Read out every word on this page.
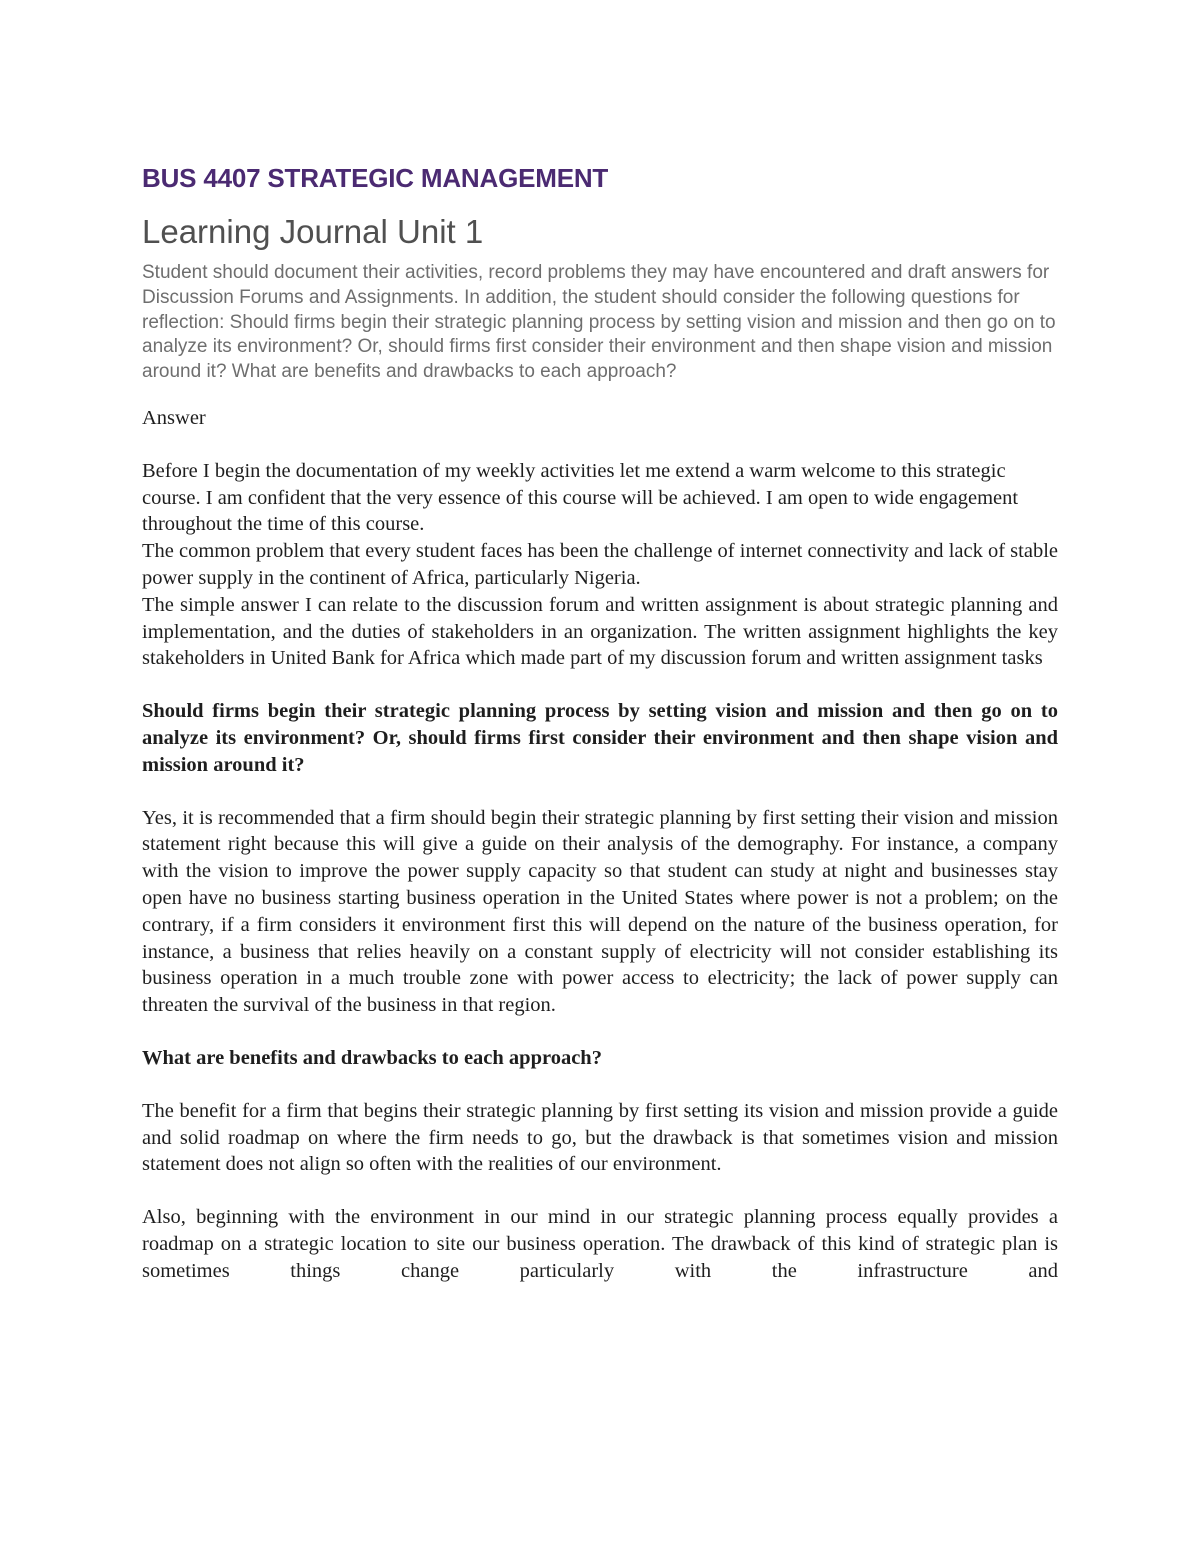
BUS 4407 STRATEGIC MANAGEMENT
Learning Journal Unit 1

Student should document their activities, record problems they may have encountered and draft answers for Discussion Forums and Assignments. In addition, the student should consider the following questions for reflection: Should firms begin their strategic planning process by setting vision and mission and then go on to analyze its environment? Or, should firms first consider their environment and then shape vision and mission around it? What are benefits and drawbacks to each approach?

Answer

Before I begin the documentation of my weekly activities let me extend a warm welcome to this strategic course. I am confident that the very essence of this course will be achieved. I am open to wide engagement throughout the time of this course.

The common problem that every student faces has been the challenge of internet connectivity and lack of stable power supply in the continent of Africa, particularly Nigeria.

The simple answer I can relate to the discussion forum and written assignment is about strategic planning and implementation, and the duties of stakeholders in an organization. The written assignment highlights the key stakeholders in United Bank for Africa which made part of my discussion forum and written assignment tasks

Should firms begin their strategic planning process by setting vision and mission and then go on to analyze its environment? Or, should firms first consider their environment and then shape vision and mission around it?

Yes, it is recommended that a firm should begin their strategic planning by first setting their vision and mission statement right because this will give a guide on their analysis of the demography. For instance, a company with the vision to improve the power supply capacity so that student can study at night and businesses stay open have no business starting business operation in the United States where power is not a problem; on the contrary, if a firm considers it environment first this will depend on the nature of the business operation, for instance, a business that relies heavily on a constant supply of electricity will not consider establishing its business operation in a much trouble zone with power access to electricity; the lack of power supply can threaten the survival of the business in that region.

What are benefits and drawbacks to each approach?

The benefit for a firm that begins their strategic planning by first setting its vision and mission provide a guide and solid roadmap on where the firm needs to go, but the drawback is that sometimes vision and mission statement does not align so often with the realities of our environment.

Also, beginning with the environment in our mind in our strategic planning process equally provides a roadmap on a strategic location to site our business operation. The drawback of this kind of strategic plan is sometimes things change particularly with the infrastructure and
